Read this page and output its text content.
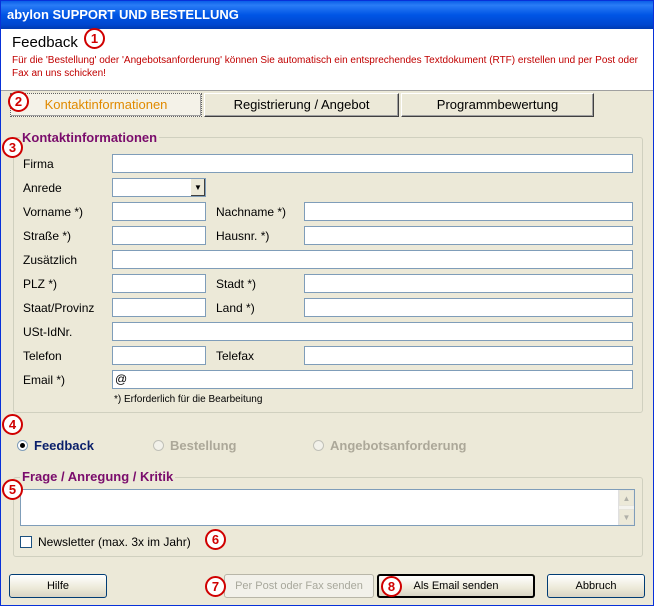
abylon SUPPORT UND BESTELLUNG
Feedback
Für die 'Bestellung' oder 'Angebotsanforderung' können Sie automatisch ein entsprechendes Textdokument (RTF) erstellen und per Post oder Fax an uns schicken!
Kontaktinformationen	Registrierung / Angebot	Programmbewertung
Kontaktinformationen
Firma
Anrede	▼
Vorname *)	Nachname *)
Straße *)	Hausnr. *)
Zusätzlich
PLZ *)	Stadt *)
Staat/Provinz	Land *)
USt-IdNr.
Telefon	Telefax
Email *)	@
*) Erforderlich für die Bearbeitung
Feedback	Bestellung	Angebotsanforderung
Frage / Anregung / Kritik
▲
▼
Newsletter (max. 3x im Jahr)
Hilfe	Per Post oder Fax senden	Als Email senden	Abbruch
1
2
3
4
5
6
7	8
